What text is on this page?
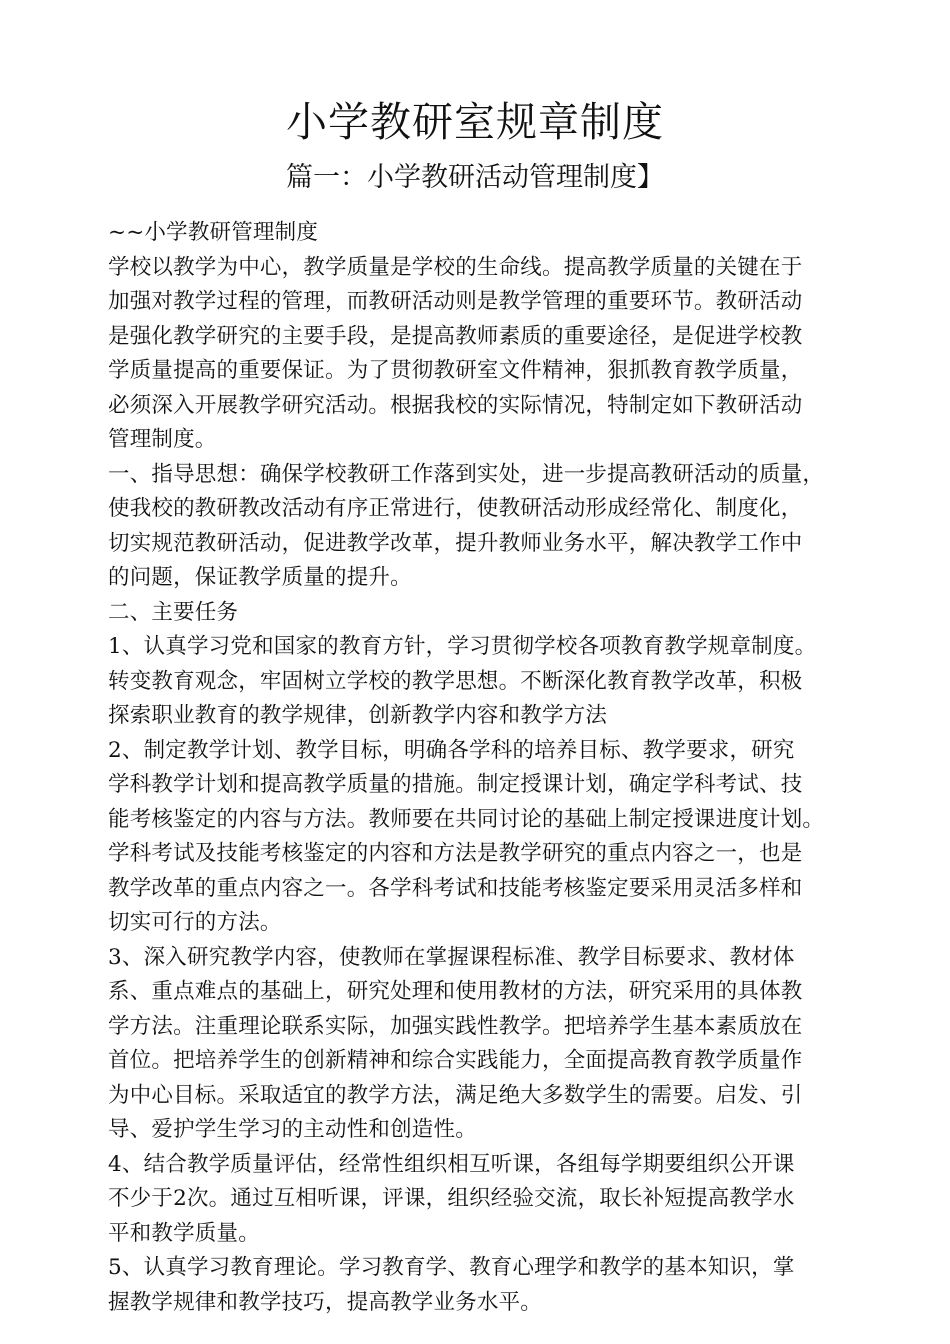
小学教研室规章制度
篇一：小学教研活动管理制度】
~~小学教研管理制度
学校以教学为中心，教学质量是学校的生命线。提高教学质量的关键在于
加强对教学过程的管理，而教研活动则是教学管理的重要环节。教研活动
是强化教学研究的主要手段，是提高教师素质的重要途径，是促进学校教
学质量提高的重要保证。为了贯彻教研室文件精神，狠抓教育教学质量，
必须深入开展教学研究活动。根据我校的实际情况，特制定如下教研活动
管理制度。
一、指导思想：确保学校教研工作落到实处，进一步提高教研活动的质量，
使我校的教研教改活动有序正常进行，使教研活动形成经常化、制度化，
切实规范教研活动，促进教学改革，提升教师业务水平，解决教学工作中
的问题，保证教学质量的提升。
二、主要任务
1、认真学习党和国家的教育方针，学习贯彻学校各项教育教学规章制度。
转变教育观念，牢固树立学校的教学思想。不断深化教育教学改革，积极
探索职业教育的教学规律，创新教学内容和教学方法
2、制定教学计划、教学目标，明确各学科的培养目标、教学要求，研究
学科教学计划和提高教学质量的措施。制定授课计划，确定学科考试、技
能考核鉴定的内容与方法。教师要在共同讨论的基础上制定授课进度计划。
学科考试及技能考核鉴定的内容和方法是教学研究的重点内容之一，也是
教学改革的重点内容之一。各学科考试和技能考核鉴定要采用灵活多样和
切实可行的方法。
3、深入研究教学内容，使教师在掌握课程标准、教学目标要求、教材体
系、重点难点的基础上，研究处理和使用教材的方法，研究采用的具体教
学方法。注重理论联系实际，加强实践性教学。把培养学生基本素质放在
首位。把培养学生的创新精神和综合实践能力，全面提高教育教学质量作
为中心目标。采取适宜的教学方法，满足绝大多数学生的需要。启发、引
导、爱护学生学习的主动性和创造性。
4、结合教学质量评估，经常性组织相互听课，各组每学期要组织公开课
不少于2次。通过互相听课，评课，组织经验交流，取长补短提高教学水
平和教学质量。
5、认真学习教育理论。学习教育学、教育心理学和教学的基本知识，掌
握教学规律和教学技巧，提高教学业务水平。
